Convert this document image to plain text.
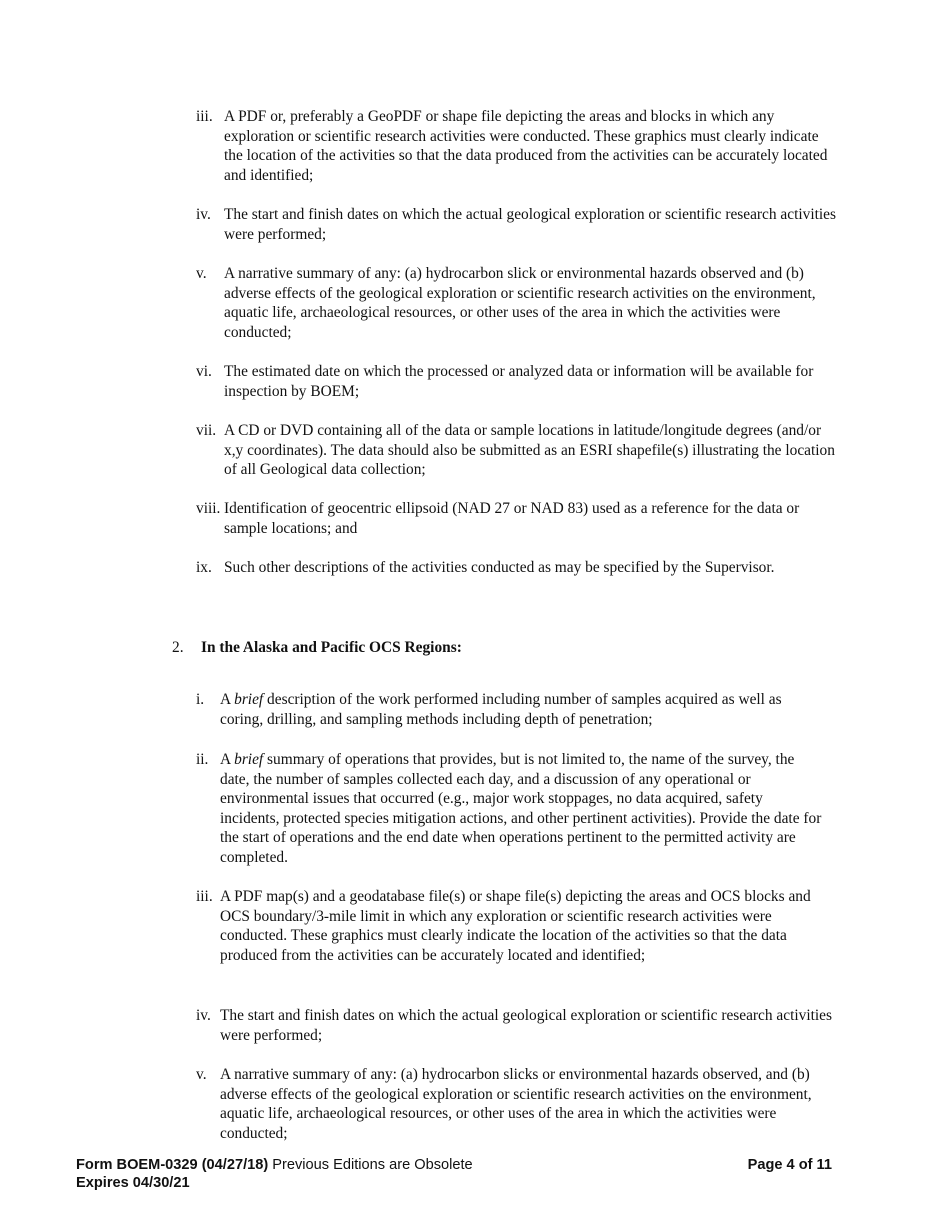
iii. A PDF or, preferably a GeoPDF or shape file depicting the areas and blocks in which any exploration or scientific research activities were conducted. These graphics must clearly indicate the location of the activities so that the data produced from the activities can be accurately located and identified;
iv. The start and finish dates on which the actual geological exploration or scientific research activities were performed;
v. A narrative summary of any: (a) hydrocarbon slick or environmental hazards observed and (b) adverse effects of the geological exploration or scientific research activities on the environment, aquatic life, archaeological resources, or other uses of the area in which the activities were conducted;
vi. The estimated date on which the processed or analyzed data or information will be available for inspection by BOEM;
vii. A CD or DVD containing all of the data or sample locations in latitude/longitude degrees (and/or x,y coordinates). The data should also be submitted as an ESRI shapefile(s) illustrating the location of all Geological data collection;
viii. Identification of geocentric ellipsoid (NAD 27 or NAD 83) used as a reference for the data or sample locations; and
ix. Such other descriptions of the activities conducted as may be specified by the Supervisor.
2. In the Alaska and Pacific OCS Regions:
i. A brief description of the work performed including number of samples acquired as well as coring, drilling, and sampling methods including depth of penetration;
ii. A brief summary of operations that provides, but is not limited to, the name of the survey, the date, the number of samples collected each day, and a discussion of any operational or environmental issues that occurred (e.g., major work stoppages, no data acquired, safety incidents, protected species mitigation actions, and other pertinent activities). Provide the date for the start of operations and the end date when operations pertinent to the permitted activity are completed.
iii. A PDF map(s) and a geodatabase file(s) or shape file(s) depicting the areas and OCS blocks and OCS boundary/3-mile limit in which any exploration or scientific research activities were conducted. These graphics must clearly indicate the location of the activities so that the data produced from the activities can be accurately located and identified;
iv. The start and finish dates on which the actual geological exploration or scientific research activities were performed;
v. A narrative summary of any: (a) hydrocarbon slicks or environmental hazards observed, and (b) adverse effects of the geological exploration or scientific research activities on the environment, aquatic life, archaeological resources, or other uses of the area in which the activities were conducted;
Form BOEM-0329 (04/27/18) Previous Editions are Obsolete
Expires 04/30/21
Page 4 of 11
